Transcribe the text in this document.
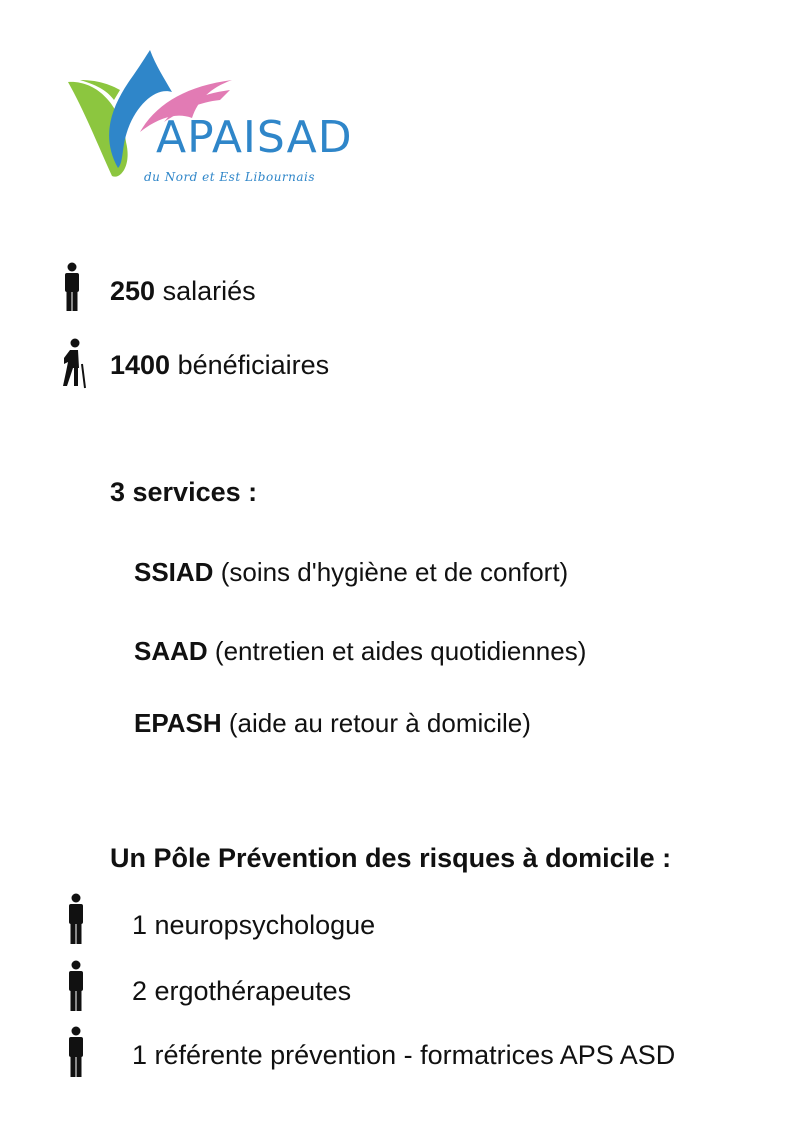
APAISAD
du Nord et Est Libournais
250
salariés
1400
bénéficiaires
3 services :
SSIAD
(soins d'hygiène et de confort)
SAAD
(entretien et aides quotidiennes)
EPASH
(aide au retour à domicile)
Un Pôle Prévention des risques à domicile :
1 neuropsychologue
2 ergothérapeutes
1 référente prévention - formatrices APS ASD
